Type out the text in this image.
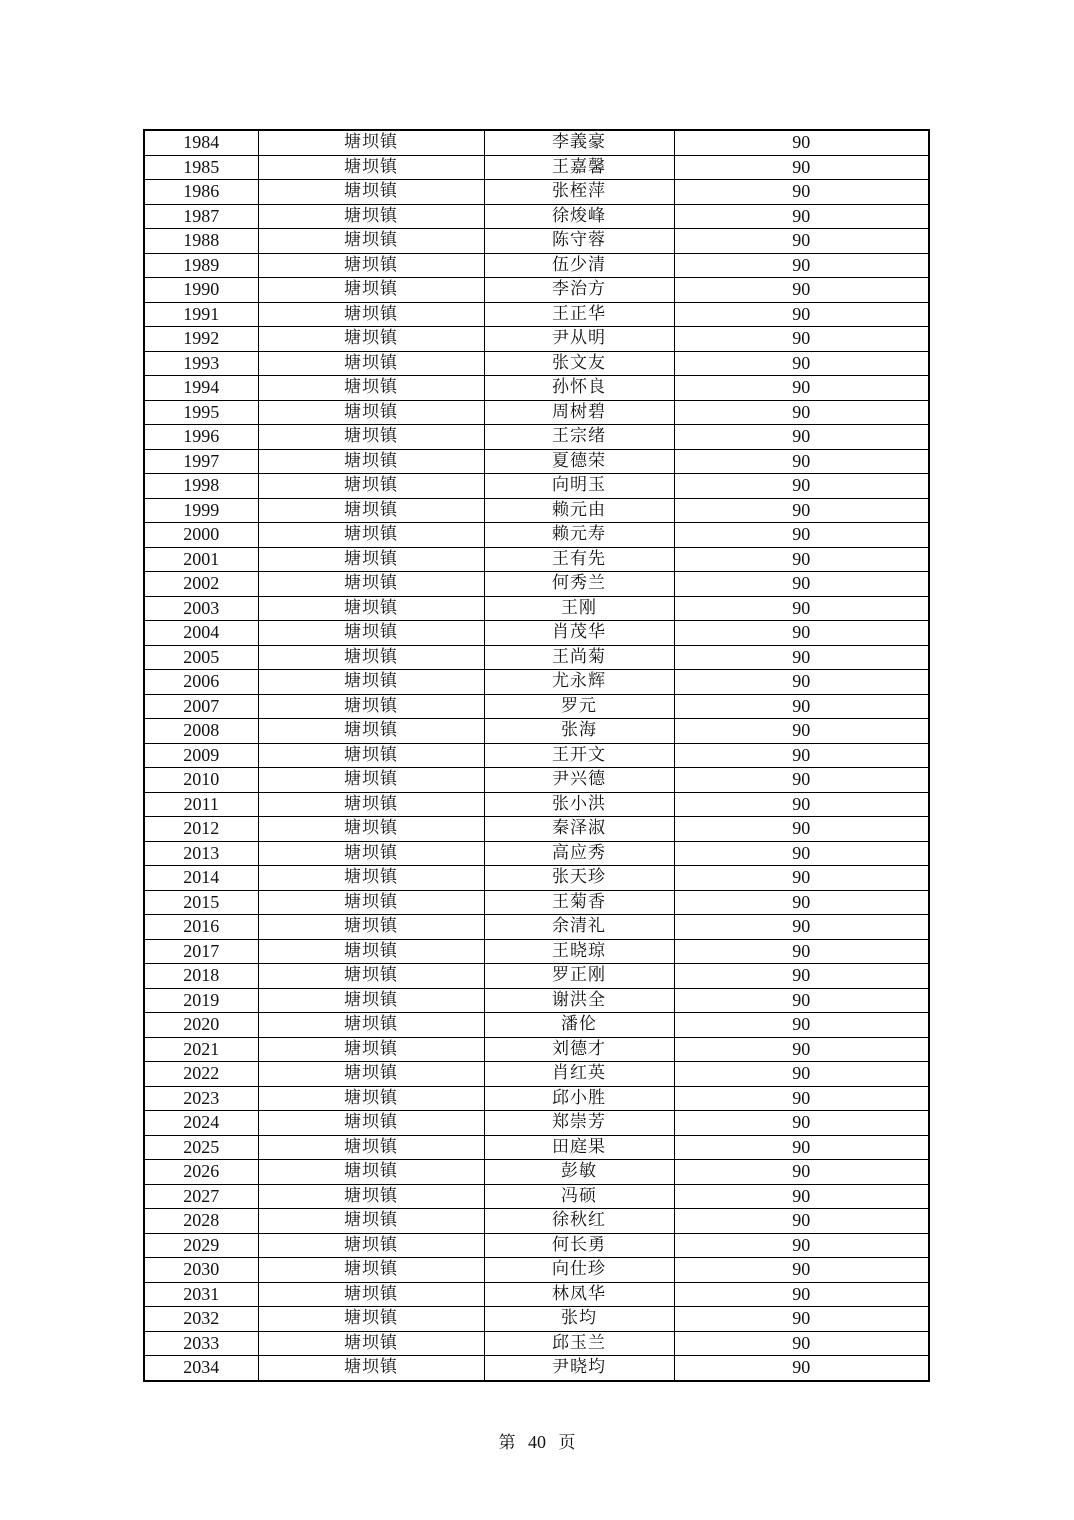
1984	塘坝镇	李義豪	90
1985	塘坝镇	王嘉馨	90
1986	塘坝镇	张桎萍	90
1987	塘坝镇	徐焌峰	90
1988	塘坝镇	陈守蓉	90
1989	塘坝镇	伍少清	90
1990	塘坝镇	李治方	90
1991	塘坝镇	王正华	90
1992	塘坝镇	尹从明	90
1993	塘坝镇	张文友	90
1994	塘坝镇	孙怀良	90
1995	塘坝镇	周树碧	90
1996	塘坝镇	王宗绪	90
1997	塘坝镇	夏德荣	90
1998	塘坝镇	向明玉	90
1999	塘坝镇	赖元由	90
2000	塘坝镇	赖元寿	90
2001	塘坝镇	王有先	90
2002	塘坝镇	何秀兰	90
2003	塘坝镇	王刚	90
2004	塘坝镇	肖茂华	90
2005	塘坝镇	王尚菊	90
2006	塘坝镇	尤永辉	90
2007	塘坝镇	罗元	90
2008	塘坝镇	张海	90
2009	塘坝镇	王开文	90
2010	塘坝镇	尹兴德	90
2011	塘坝镇	张小洪	90
2012	塘坝镇	秦泽淑	90
2013	塘坝镇	高应秀	90
2014	塘坝镇	张天珍	90
2015	塘坝镇	王菊香	90
2016	塘坝镇	余清礼	90
2017	塘坝镇	王晓琼	90
2018	塘坝镇	罗正刚	90
2019	塘坝镇	谢洪全	90
2020	塘坝镇	潘伦	90
2021	塘坝镇	刘德才	90
2022	塘坝镇	肖红英	90
2023	塘坝镇	邱小胜	90
2024	塘坝镇	郑崇芳	90
2025	塘坝镇	田庭果	90
2026	塘坝镇	彭敏	90
2027	塘坝镇	冯硕	90
2028	塘坝镇	徐秋红	90
2029	塘坝镇	何长勇	90
2030	塘坝镇	向仕珍	90
2031	塘坝镇	林凤华	90
2032	塘坝镇	张均	90
2033	塘坝镇	邱玉兰	90
2034	塘坝镇	尹晓均	90
第 40 页
